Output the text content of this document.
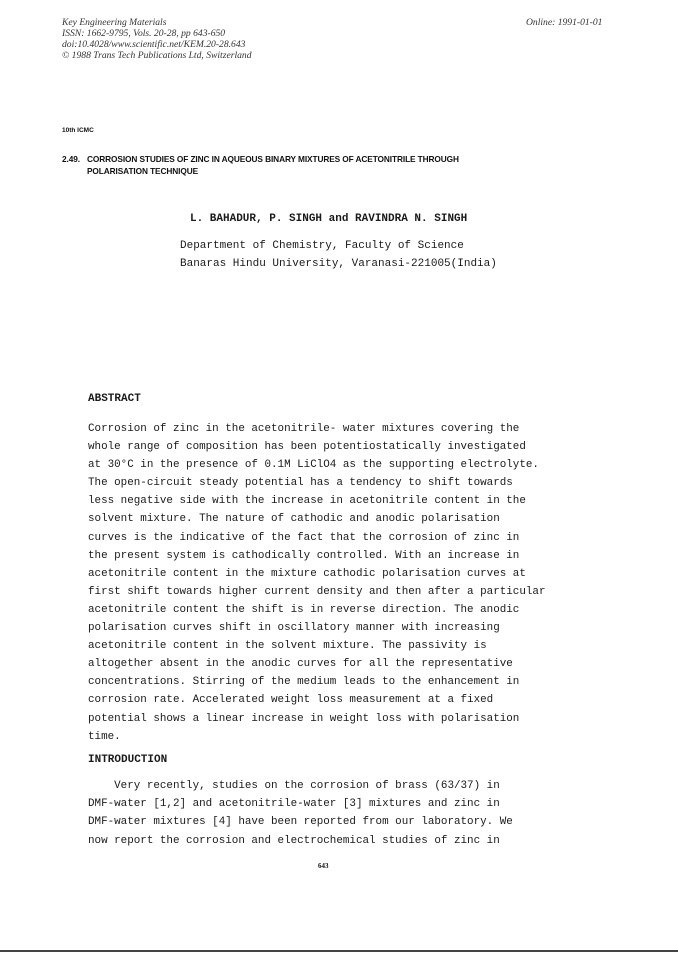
Key Engineering Materials
ISSN: 1662-9795, Vols. 20-28, pp 643-650
doi:10.4028/www.scientific.net/KEM.20-28.643
© 1988 Trans Tech Publications Ltd, Switzerland
Online: 1991-01-01
10th ICMC
2.49. CORROSION STUDIES OF ZINC IN AQUEOUS BINARY MIXTURES OF ACETONITRILE THROUGH
POLARISATION TECHNIQUE
L. BAHADUR, P. SINGH and RAVINDRA N. SINGH
Department of Chemistry, Faculty of Science
Banaras Hindu University, Varanasi-221005(India)
ABSTRACT
Corrosion of zinc in the acetonitrile- water mixtures covering the
whole range of composition has been potentiostatically investigated
at 30°C in the presence of 0.1M LiClO4 as the supporting electrolyte.
The open-circuit steady potential has a tendency to shift towards
less negative side with the increase in acetonitrile content in the
solvent mixture. The nature of cathodic and anodic polarisation
curves is the indicative of the fact that the corrosion of zinc in
the present system is cathodically controlled. With an increase in
acetonitrile content in the mixture cathodic polarisation curves at
first shift towards higher current density and then after a particular
acetonitrile content the shift is in reverse direction. The anodic
polarisation curves shift in oscillatory manner with increasing
acetonitrile content in the solvent mixture. The passivity is
altogether absent in the anodic curves for all the representative
concentrations. Stirring of the medium leads to the enhancement in
corrosion rate. Accelerated weight loss measurement at a fixed
potential shows a linear increase in weight loss with polarisation
time.
INTRODUCTION
Very recently, studies on the corrosion of brass (63/37) in
DMF-water [1,2] and acetonitrile-water [3] mixtures and zinc in
DMF-water mixtures [4] have been reported from our laboratory. We
now report the corrosion and electrochemical studies of zinc in
643
